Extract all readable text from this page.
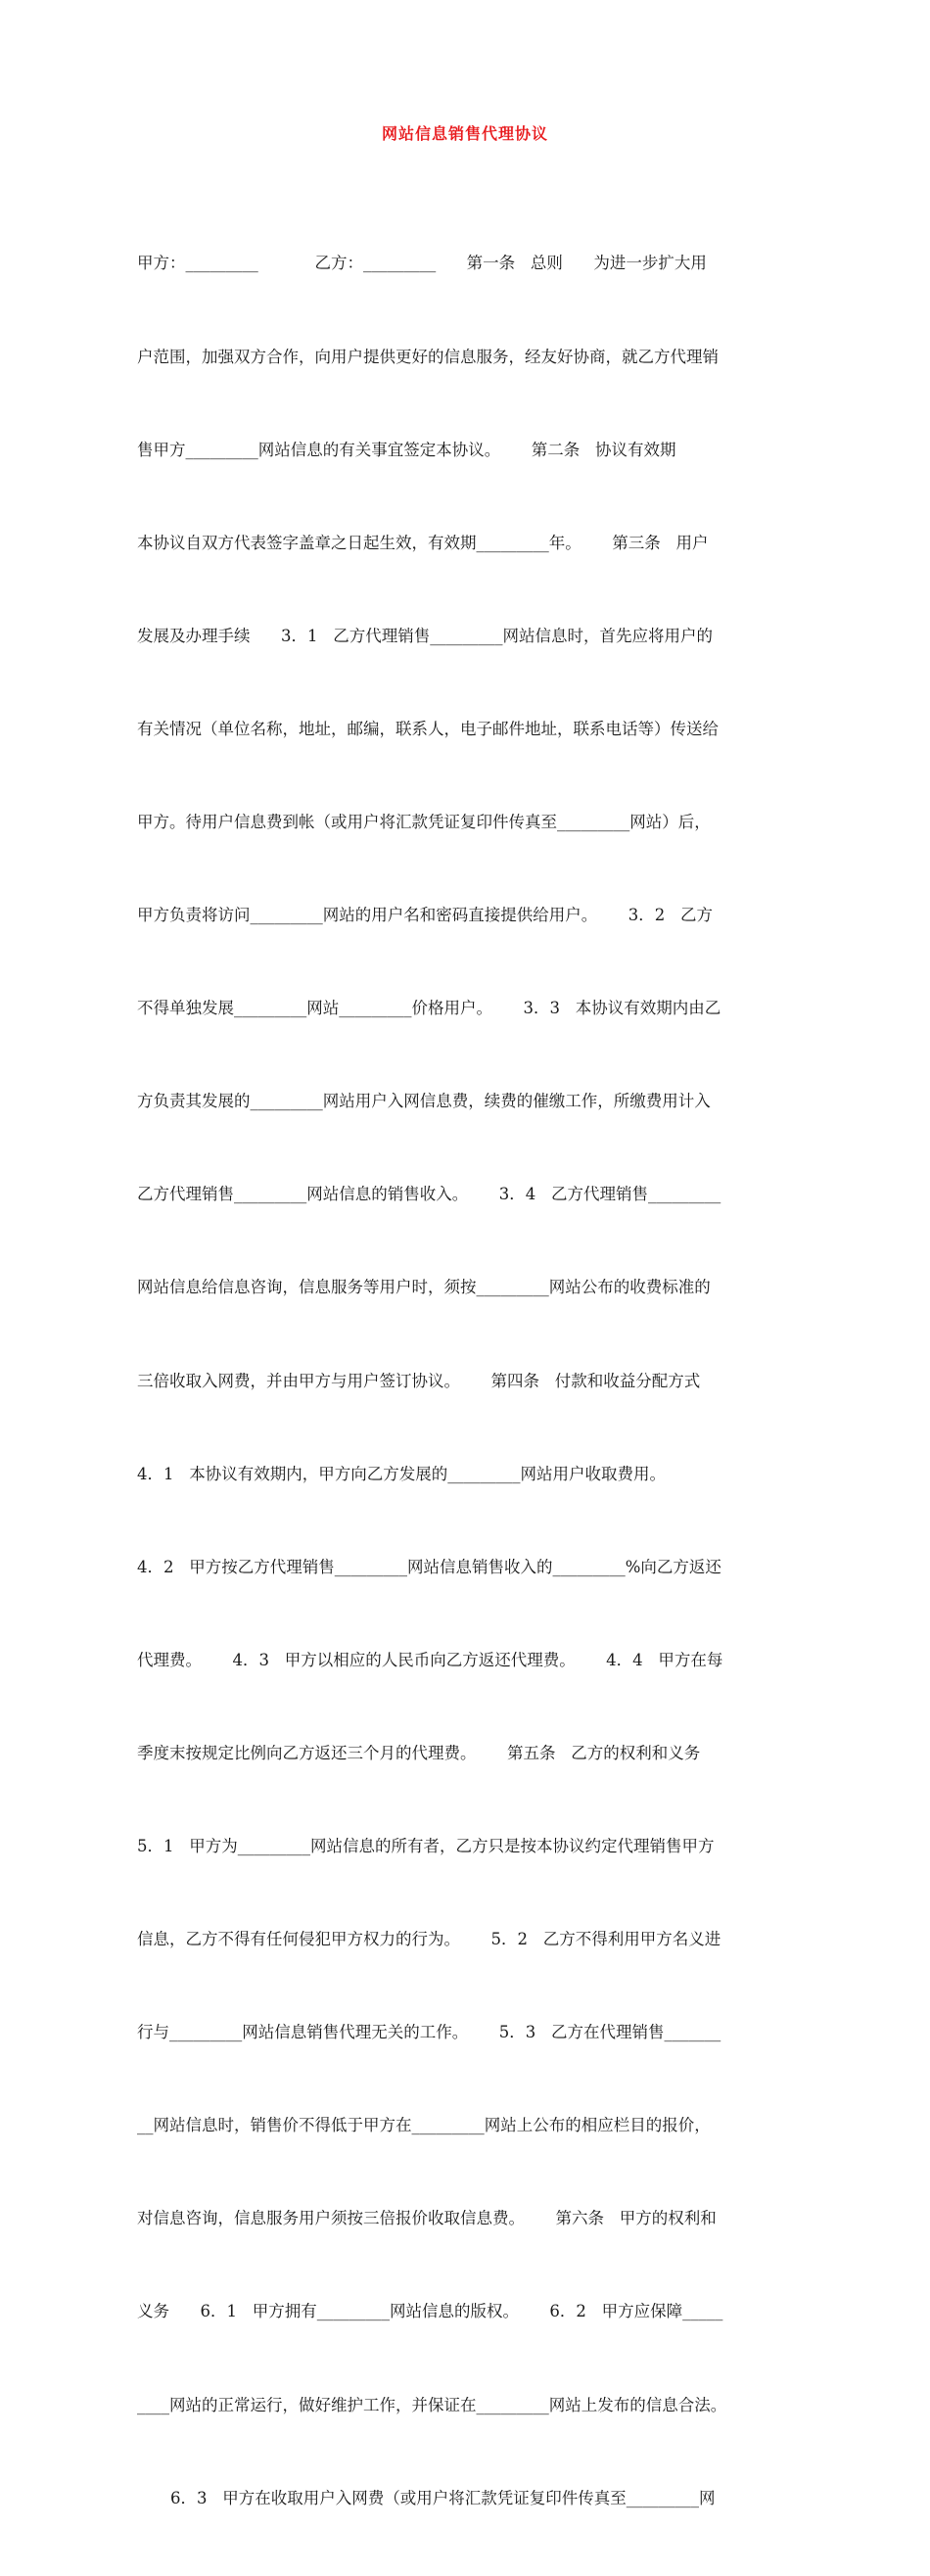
网站信息销售代理协议

甲方：_________           乙方：_________      第一条   总则      为进一步扩大用

户范围，加强双方合作，向用户提供更好的信息服务，经友好协商，就乙方代理销

售甲方_________网站信息的有关事宜签定本协议。      第二条   协议有效期

本协议自双方代表签字盖章之日起生效，有效期_________年。      第三条   用户

发展及办理手续      3．1   乙方代理销售_________网站信息时，首先应将用户的

有关情况（单位名称，地址，邮编，联系人，电子邮件地址，联系电话等）传送给

甲方。待用户信息费到帐（或用户将汇款凭证复印件传真至_________网站）后，

甲方负责将访问_________网站的用户名和密码直接提供给用户。      3．2   乙方

不得单独发展_________网站_________价格用户。      3．3   本协议有效期内由乙

方负责其发展的_________网站用户入网信息费，续费的催缴工作，所缴费用计入

乙方代理销售_________网站信息的销售收入。      3．4   乙方代理销售_________

网站信息给信息咨询，信息服务等用户时，须按_________网站公布的收费标准的

三倍收取入网费，并由甲方与用户签订协议。      第四条   付款和收益分配方式

4．1   本协议有效期内，甲方向乙方发展的_________网站用户收取费用。

4．2   甲方按乙方代理销售_________网站信息销售收入的_________%向乙方返还

代理费。      4．3   甲方以相应的人民币向乙方返还代理费。      4．4   甲方在每

季度末按规定比例向乙方返还三个月的代理费。      第五条   乙方的权利和义务

5．1   甲方为_________网站信息的所有者，乙方只是按本协议约定代理销售甲方

信息，乙方不得有任何侵犯甲方权力的行为。      5．2   乙方不得利用甲方名义进

行与_________网站信息销售代理无关的工作。      5．3   乙方在代理销售_______

__网站信息时，销售价不得低于甲方在_________网站上公布的相应栏目的报价，

对信息咨询，信息服务用户须按三倍报价收取信息费。      第六条   甲方的权利和

义务      6．1   甲方拥有_________网站信息的版权。      6．2   甲方应保障_____

____网站的正常运行，做好维护工作，并保证在_________网站上发布的信息合法。

6．3   甲方在收取用户入网费（或用户将汇款凭证复印件传真至_________网
